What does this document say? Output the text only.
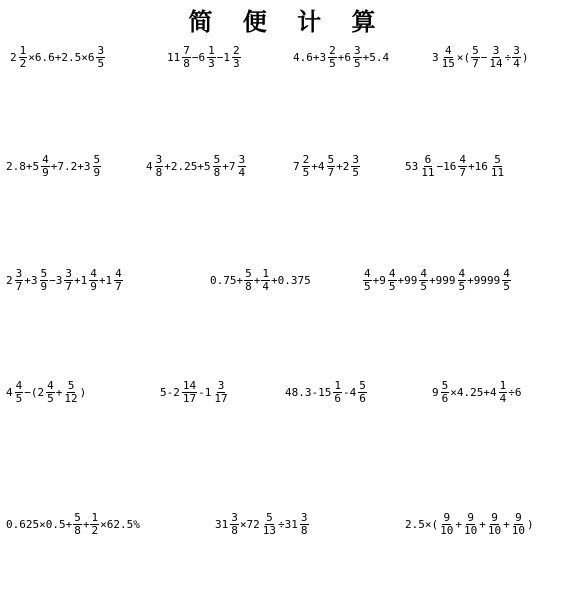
简 便 计 算
$2 \frac{1}{2} \times 6.6+2.5\times 6 \frac{3}{5}$	$11 \frac{7}{8} - 6 \frac{1}{3} - 1 \frac{2}{3}$	$4.6+ 3 \frac{2}{5} + 6 \frac{3}{5} +5.4$	$3 \frac{4}{15}$ ×( $\frac{5}{7} - \frac{3}{14} \div \frac{3}{4}$ )
$2.8+ 5 \frac{4}{9} +7.2+ 3 \frac{5}{9}$	$4 \frac{3}{8} +2.25+ 5 \frac{5}{8} + 7 \frac{3}{4}$	$7 \frac{2}{5} + 4 \frac{5}{7} + 2 \frac{3}{5}$	$53 \frac{6}{11} - 16 \frac{4}{7} + 16 \frac{5}{11}$
$2 \frac{3}{7} + 3 \frac{5}{9} - 3 \frac{3}{7} + 1 \frac{4}{9} + 1 \frac{4}{7}$	$0.75+ \frac{5}{8} + \frac{1}{4} +0.375$	$\frac{4}{5} + 9 \frac{4}{5} + 99 \frac{4}{5} + 999 \frac{4}{5} + 9999 \frac{4}{5}$
$4 \frac{4}{5}$ −( $2 \frac{4}{5} + \frac{5}{12}$ )	5- $2 \frac{14}{17} - 1 \frac{3}{17}$	48.3- $15 \frac{1}{6} - 4 \frac{5}{6}$	$9 \frac{5}{6} \times 4.25+ 4 \frac{1}{4} \div 6$
$0.625\times 0.5+ \frac{5}{8} + \frac{1}{2} \times 62.5\%$	$31 \frac{3}{8} \times 72 \frac{5}{13} \div 31 \frac{3}{8}$	$2.5\times( \frac{9}{10} + \frac{9}{10} + \frac{9}{10} + \frac{9}{10}$ )
